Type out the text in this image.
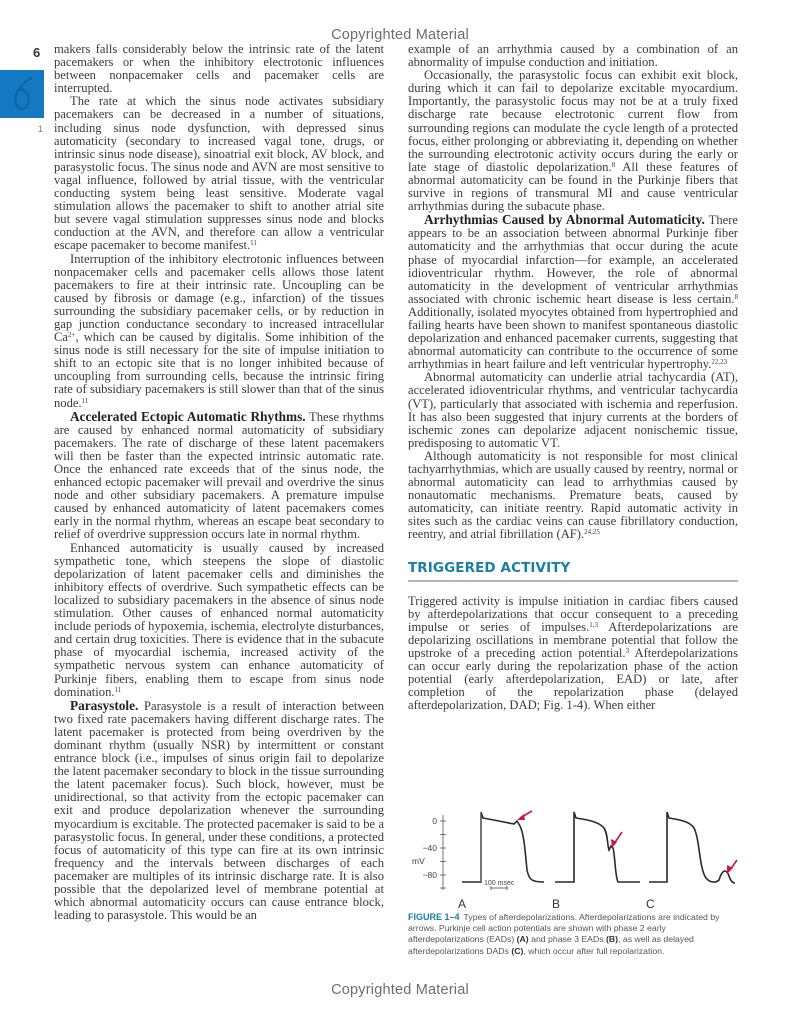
Copyrighted Material
6
1

makers falls considerably below the intrinsic rate of the latent pacemakers or when the inhibitory electrotonic influences between nonpacemaker cells and pacemaker cells are interrupted.

The rate at which the sinus node activates subsidiary pacemakers can be decreased in a number of situations, including sinus node dysfunction, with depressed sinus automaticity (secondary to increased vagal tone, drugs, or intrinsic sinus node disease), sinoatrial exit block, AV block, and parasystolic focus. The sinus node and AVN are most sensitive to vagal influence, followed by atrial tissue, with the ventricular conducting system being least sensitive. Moderate vagal stimulation allows the pacemaker to shift to another atrial site but severe vagal stimulation suppresses sinus node and blocks conduction at the AVN, and therefore can allow a ventricular escape pacemaker to become manifest.$^{11}$

Interruption of the inhibitory electrotonic influences between nonpacemaker cells and pacemaker cells allows those latent pacemakers to fire at their intrinsic rate. Uncoupling can be caused by fibrosis or damage (e.g., infarction) of the tissues surrounding the subsidiary pacemaker cells, or by reduction in gap junction conductance secondary to increased intracellular $Ca^{2+}$, which can be caused by digitalis. Some inhibition of the sinus node is still necessary for the site of impulse initiation to shift to an ectopic site that is no longer inhibited because of uncoupling from surrounding cells, because the intrinsic firing rate of subsidiary pacemakers is still slower than that of the sinus node.$^{11}$

Accelerated Ectopic Automatic Rhythms. These rhythms are caused by enhanced normal automaticity of subsidiary pacemakers. The rate of discharge of these latent pacemakers will then be faster than the expected intrinsic automatic rate. Once the enhanced rate exceeds that of the sinus node, the enhanced ectopic pacemaker will prevail and overdrive the sinus node and other subsidiary pacemakers. A premature impulse caused by enhanced automaticity of latent pacemakers comes early in the normal rhythm, whereas an escape beat secondary to relief of overdrive suppression occurs late in normal rhythm.

Enhanced automaticity is usually caused by increased sympathetic tone, which steepens the slope of diastolic depolarization of latent pacemaker cells and diminishes the inhibitory effects of overdrive. Such sympathetic effects can be localized to subsidiary pacemakers in the absence of sinus node stimulation. Other causes of enhanced normal automaticity include periods of hypoxemia, ischemia, electrolyte disturbances, and certain drug toxicities. There is evidence that in the subacute phase of myocardial ischemia, increased activity of the sympathetic nervous system can enhance automaticity of Purkinje fibers, enabling them to escape from sinus node domination.$^{11}$

Parasystole. Parasystole is a result of interaction between two fixed rate pacemakers having different discharge rates. The latent pacemaker is protected from being overdriven by the dominant rhythm (usually NSR) by intermittent or constant entrance block (i.e., impulses of sinus origin fail to depolarize the latent pacemaker secondary to block in the tissue surrounding the latent pacemaker focus). Such block, however, must be unidirectional, so that activity from the ectopic pacemaker can exit and produce depolarization whenever the surrounding myocardium is excitable. The protected pacemaker is said to be a parasystolic focus. In general, under these conditions, a protected focus of automaticity of this type can fire at its own intrinsic frequency and the intervals between discharges of each pacemaker are multiples of its intrinsic discharge rate. It is also possible that the depolarized level of membrane potential at which abnormal automaticity occurs can cause entrance block, leading to parasystole. This would be an

example of an arrhythmia caused by a combination of an abnormality of impulse conduction and initiation.

Occasionally, the parasystolic focus can exhibit exit block, during which it can fail to depolarize excitable myocardium. Importantly, the parasystolic focus may not be at a truly fixed discharge rate because electrotonic current flow from surrounding regions can modulate the cycle length of a protected focus, either prolonging or abbreviating it, depending on whether the surrounding electrotonic activity occurs during the early or late stage of diastolic depolarization.$^8$ All these features of abnormal automaticity can be found in the Purkinje fibers that survive in regions of transmural MI and cause ventricular arrhythmias during the subacute phase.

Arrhythmias Caused by Abnormal Automaticity. There appears to be an association between abnormal Purkinje fiber automaticity and the arrhythmias that occur during the acute phase of myocardial infarction—for example, an accelerated idioventricular rhythm. However, the role of abnormal automaticity in the development of ventricular arrhythmias associated with chronic ischemic heart disease is less certain.$^8$ Additionally, isolated myocytes obtained from hypertrophied and failing hearts have been shown to manifest spontaneous diastolic depolarization and enhanced pacemaker currents, suggesting that abnormal automaticity can contribute to the occurrence of some arrhythmias in heart failure and left ventricular hypertrophy.$^{22,23}$

Abnormal automaticity can underlie atrial tachycardia (AT), accelerated idioventricular rhythms, and ventricular tachycardia (VT), particularly that associated with ischemia and reperfusion. It has also been suggested that injury currents at the borders of ischemic zones can depolarize adjacent nonischemic tissue, predisposing to automatic VT.

Although automaticity is not responsible for most clinical tachyarrhythmias, which are usually caused by reentry, normal or abnormal automaticity can lead to arrhythmias caused by nonautomatic mechanisms. Premature beats, caused by automaticity, can initiate reentry. Rapid automatic activity in sites such as the cardiac veins can cause fibrillatory conduction, reentry, and atrial fibrillation (AF).$^{24,25}$

TRIGGERED ACTIVITY

Triggered activity is impulse initiation in cardiac fibers caused by afterdepolarizations that occur consequent to a preceding impulse or series of impulses.$^{1,3}$ Afterdepolarizations are depolarizing oscillations in membrane potential that follow the upstroke of a preceding action potential.$^3$ Afterdepolarizations can occur early during the repolarization phase of the action potential (early afterdepolarization, EAD) or late, after completion of the repolarization phase (delayed afterdepolarization, DAD; Fig. 1-4). When either

0
−40
−80
mV
100 msec
A	B	C
FIGURE 1–4 Types of afterdepolarizations. Afterdepolarizations are indicated by arrows. Purkinje cell action potentials are shown with phase 2 early afterdepolarizations (EADs) (A) and phase 3 EADs (B), as well as delayed afterdepolarizations DADs (C), which occur after full repolarization.
Copyrighted Material
